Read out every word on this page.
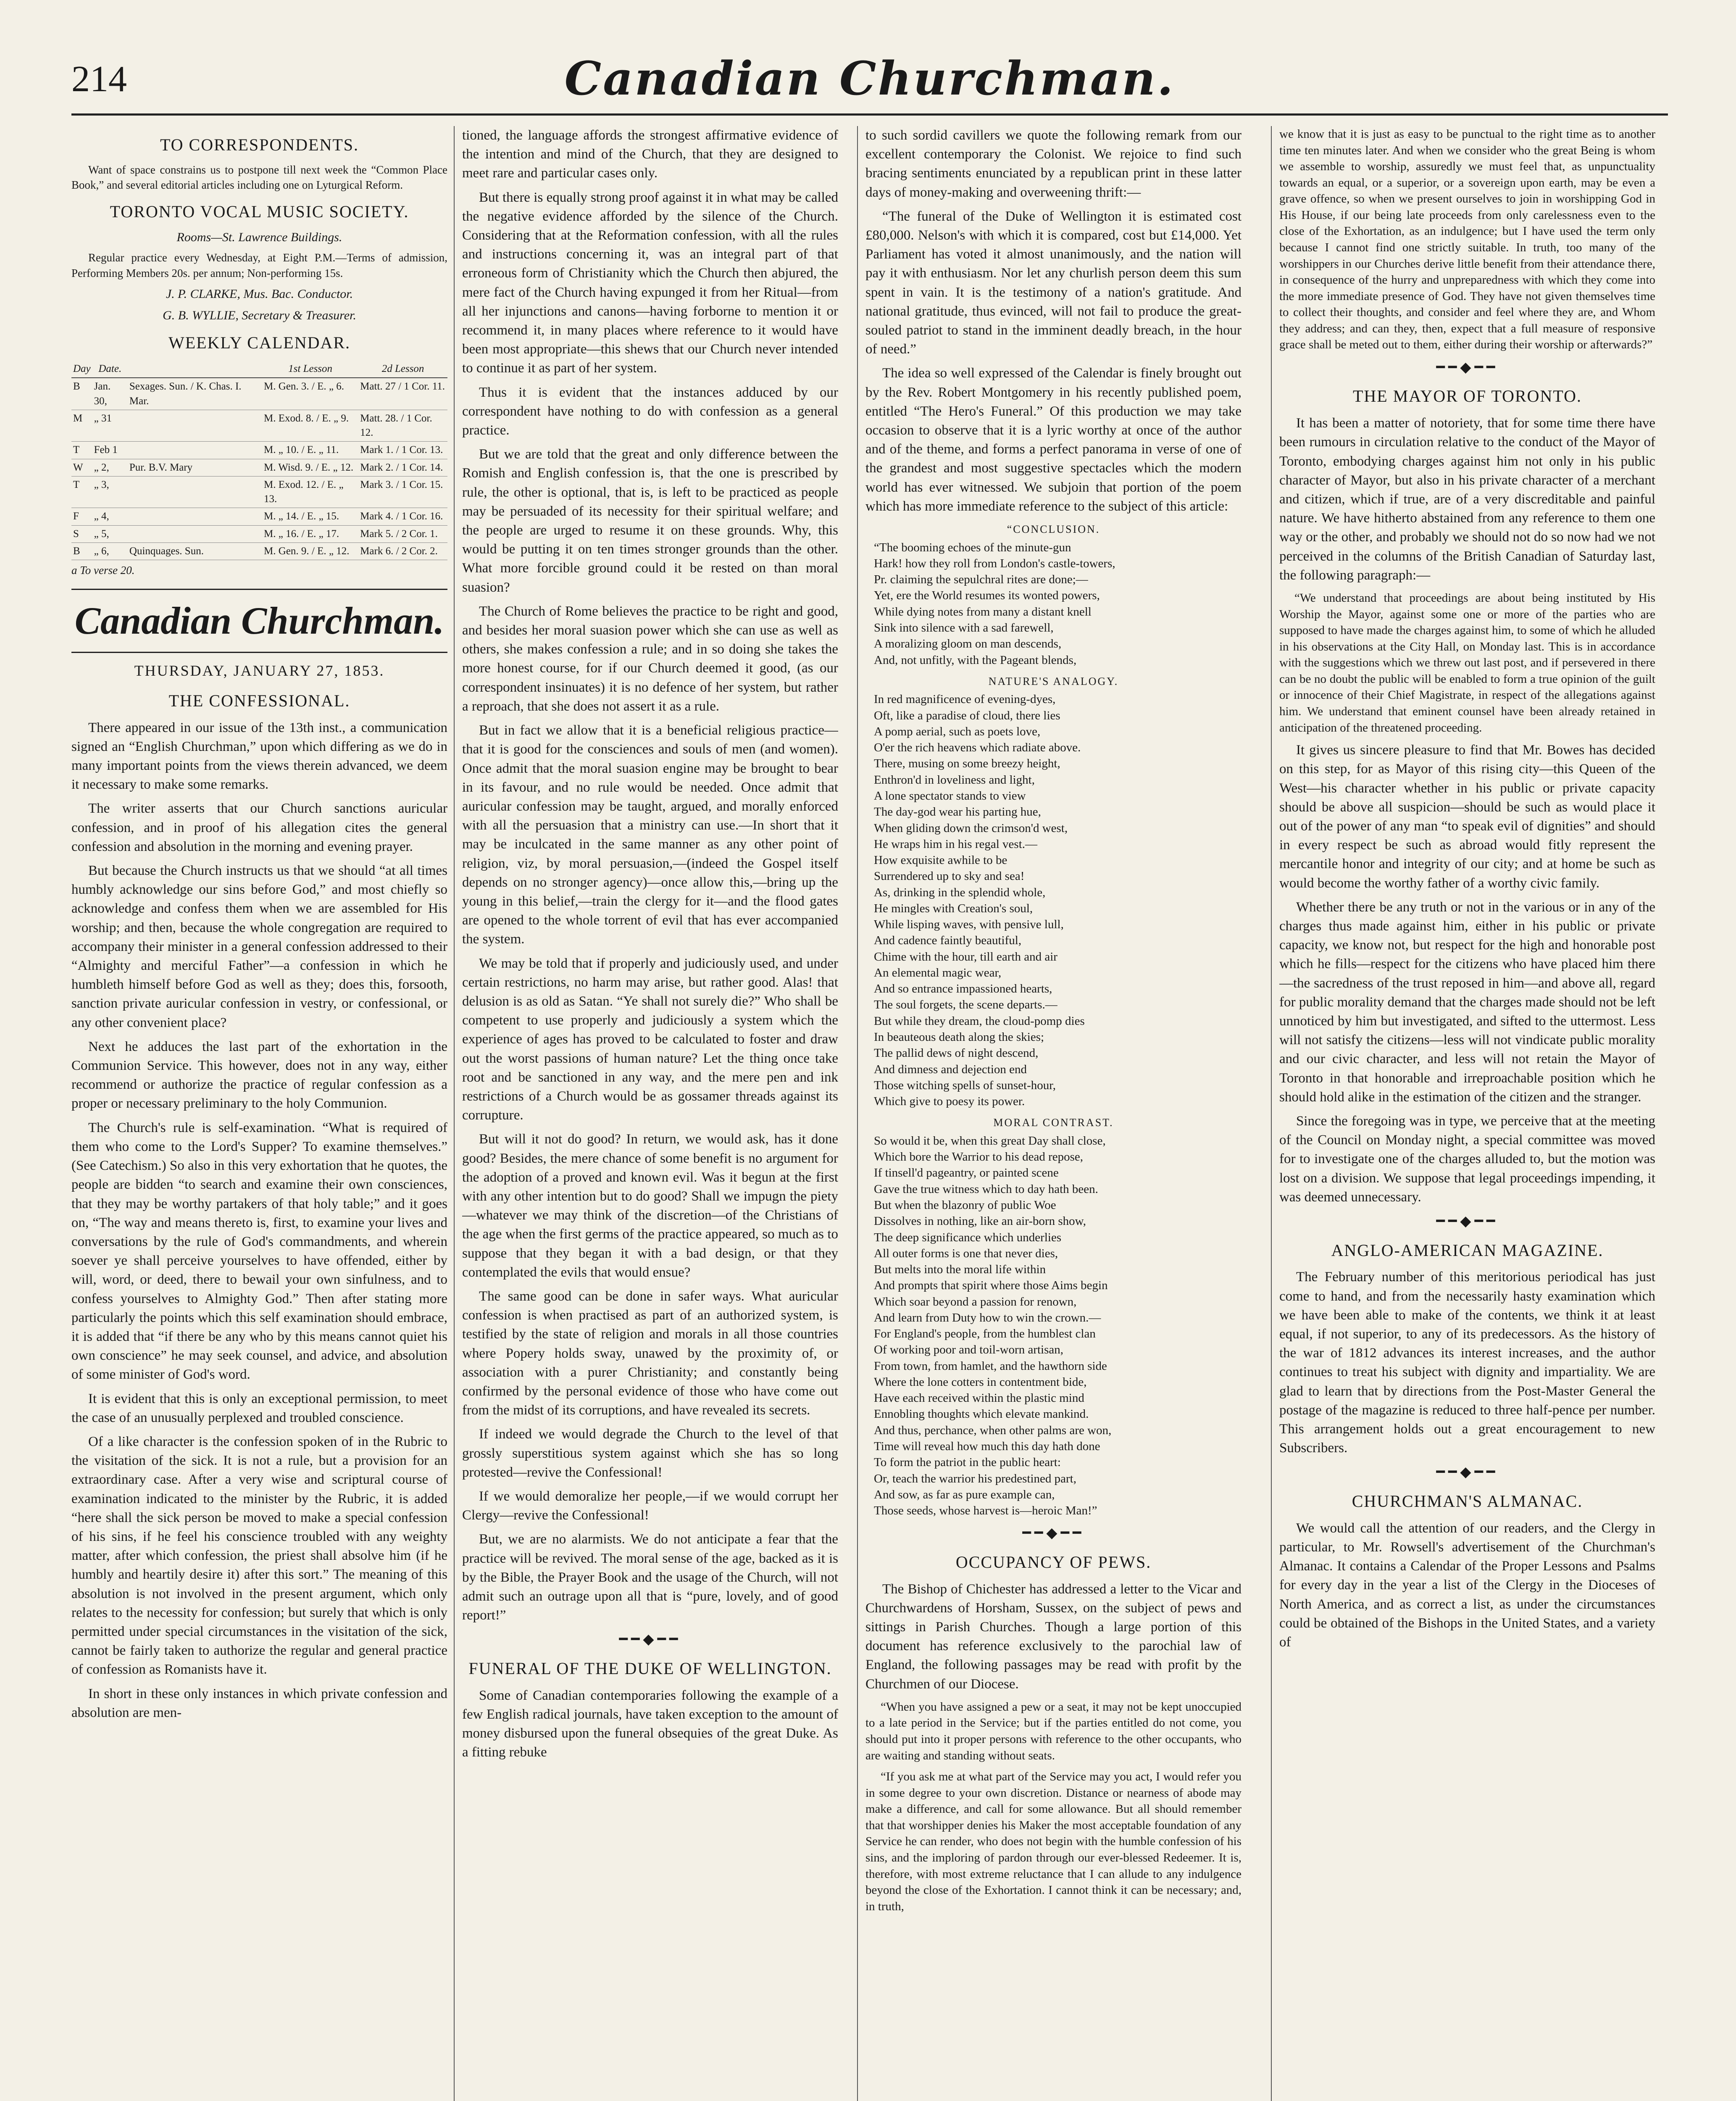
214	Canadian Churchman.
TO CORRESPONDENTS.

Want of space constrains us to postpone till next week the “Common Place Book,” and several editorial articles including one on Lyturgical Reform.

TORONTO VOCAL MUSIC SOCIETY.
Rooms—St. Lawrence Buildings.

Regular practice every Wednesday, at Eight P.M.—Terms of admission, Performing Members 20s. per annum; Non-performing 15s.

J. P. CLARKE, Mus. Bac. Conductor.
G. B. WYLLIE, Secretary & Treasurer.
WEEKLY CALENDAR.
Day	Date.		1st Lesson	2d Lesson
B	Jan. 30,	Sexages. Sun. / K. Chas. I. Mar.	M. Gen. 3. / E. „ 6.	Matt. 27 / 1 Cor. 11.
M	„ 31		M. Exod. 8. / E. „ 9.	Matt. 28. / 1 Cor. 12.
T	Feb 1		M. „ 10. / E. „ 11.	Mark 1. / 1 Cor. 13.
W	„ 2,	Pur. B.V. Mary	M. Wisd. 9. / E. „ 12.	Mark 2. / 1 Cor. 14.
T	„ 3,		M. Exod. 12. / E. „ 13.	Mark 3. / 1 Cor. 15.
F	„ 4,		M. „ 14. / E. „ 15.	Mark 4. / 1 Cor. 16.
S	„ 5,		M. „ 16. / E. „ 17.	Mark 5. / 2 Cor. 1.
B	„ 6,	Quinquages. Sun.	M. Gen. 9. / E. „ 12.	Mark 6. / 2 Cor. 2.
a To verse 20.
Canadian Churchman.
THURSDAY, JANUARY 27, 1853.
THE CONFESSIONAL.

There appeared in our issue of the 13th inst., a communication signed an “English Churchman,” upon which differing as we do in many important points from the views therein advanced, we deem it necessary to make some remarks.

The writer asserts that our Church sanctions auricular confession, and in proof of his allegation cites the general confession and absolution in the morning and evening prayer.

But because the Church instructs us that we should “at all times humbly acknowledge our sins before God,” and most chiefly so acknowledge and confess them when we are assembled for His worship; and then, because the whole congregation are required to accompany their minister in a general confession addressed to their “Almighty and merciful Father”—a confession in which he humbleth himself before God as well as they; does this, forsooth, sanction private auricular confession in vestry, or confessional, or any other convenient place?

Next he adduces the last part of the exhortation in the Communion Service. This however, does not in any way, either recommend or authorize the practice of regular confession as a proper or necessary preliminary to the holy Communion.

The Church's rule is self-examination. “What is required of them who come to the Lord's Supper? To examine themselves.” (See Catechism.) So also in this very exhortation that he quotes, the people are bidden “to search and examine their own consciences, that they may be worthy partakers of that holy table;” and it goes on, “The way and means thereto is, first, to examine your lives and conversations by the rule of God's commandments, and wherein soever ye shall perceive yourselves to have offended, either by will, word, or deed, there to bewail your own sinfulness, and to confess yourselves to Almighty God.” Then after stating more particularly the points which this self examination should embrace, it is added that “if there be any who by this means cannot quiet his own conscience” he may seek counsel, and advice, and absolution of some minister of God's word.

It is evident that this is only an exceptional permission, to meet the case of an unusually perplexed and troubled conscience.

Of a like character is the confession spoken of in the Rubric to the visitation of the sick. It is not a rule, but a provision for an extraordinary case. After a very wise and scriptural course of examination indicated to the minister by the Rubric, it is added “here shall the sick person be moved to make a special confession of his sins, if he feel his conscience troubled with any weighty matter, after which confession, the priest shall absolve him (if he humbly and heartily desire it) after this sort.” The meaning of this absolution is not involved in the present argument, which only relates to the necessity for confession; but surely that which is only permitted under special circumstances in the visitation of the sick, cannot be fairly taken to authorize the regular and general practice of confession as Romanists have it.

In short in these only instances in which private confession and absolution are men-

tioned, the language affords the strongest affirmative evidence of the intention and mind of the Church, that they are designed to meet rare and particular cases only.

But there is equally strong proof against it in what may be called the negative evidence afforded by the silence of the Church. Considering that at the Reformation confession, with all the rules and instructions concerning it, was an integral part of that erroneous form of Christianity which the Church then abjured, the mere fact of the Church having expunged it from her Ritual—from all her injunctions and canons—having forborne to mention it or recommend it, in many places where reference to it would have been most appropriate—this shews that our Church never intended to continue it as part of her system.

Thus it is evident that the instances adduced by our correspondent have nothing to do with confession as a general practice.

But we are told that the great and only difference between the Romish and English confession is, that the one is prescribed by rule, the other is optional, that is, is left to be practiced as people may be persuaded of its necessity for their spiritual welfare; and the people are urged to resume it on these grounds. Why, this would be putting it on ten times stronger grounds than the other. What more forcible ground could it be rested on than moral suasion?

The Church of Rome believes the practice to be right and good, and besides her moral suasion power which she can use as well as others, she makes confession a rule; and in so doing she takes the more honest course, for if our Church deemed it good, (as our correspondent insinuates) it is no defence of her system, but rather a reproach, that she does not assert it as a rule.

But in fact we allow that it is a beneficial religious practice—that it is good for the consciences and souls of men (and women). Once admit that the moral suasion engine may be brought to bear in its favour, and no rule would be needed. Once admit that auricular confession may be taught, argued, and morally enforced with all the persuasion that a ministry can use.—In short that it may be inculcated in the same manner as any other point of religion, viz, by moral persuasion,—(indeed the Gospel itself depends on no stronger agency)—once allow this,—bring up the young in this belief,—train the clergy for it—and the flood gates are opened to the whole torrent of evil that has ever accompanied the system.

We may be told that if properly and judiciously used, and under certain restrictions, no harm may arise, but rather good. Alas! that delusion is as old as Satan. “Ye shall not surely die?” Who shall be competent to use properly and judiciously a system which the experience of ages has proved to be calculated to foster and draw out the worst passions of human nature? Let the thing once take root and be sanctioned in any way, and the mere pen and ink restrictions of a Church would be as gossamer threads against its corrupture.

But will it not do good? In return, we would ask, has it done good? Besides, the mere chance of some benefit is no argument for the adoption of a proved and known evil. Was it begun at the first with any other intention but to do good? Shall we impugn the piety—whatever we may think of the discretion—of the Christians of the age when the first germs of the practice appeared, so much as to suppose that they began it with a bad design, or that they contemplated the evils that would ensue?

The same good can be done in safer ways. What auricular confession is when practised as part of an authorized system, is testified by the state of religion and morals in all those countries where Popery holds sway, unawed by the proximity of, or association with a purer Christianity; and constantly being confirmed by the personal evidence of those who have come out from the midst of its corruptions, and have revealed its secrets.

If indeed we would degrade the Church to the level of that grossly superstitious system against which she has so long protested—revive the Confessional!

If we would demoralize her people,—if we would corrupt her Clergy—revive the Confessional!

But, we are no alarmists. We do not anticipate a fear that the practice will be revived. The moral sense of the age, backed as it is by the Bible, the Prayer Book and the usage of the Church, will not admit such an outrage upon all that is “pure, lovely, and of good report!”

━━◆━━
FUNERAL OF THE DUKE OF WELLINGTON.

Some of Canadian contemporaries following the example of a few English radical journals, have taken exception to the amount of money disbursed upon the funeral obsequies of the great Duke. As a fitting rebuke

to such sordid cavillers we quote the following remark from our excellent contemporary the Colonist. We rejoice to find such bracing sentiments enunciated by a republican print in these latter days of money-making and overweening thrift:—

“The funeral of the Duke of Wellington it is estimated cost £80,000. Nelson's with which it is compared, cost but £14,000. Yet Parliament has voted it almost unanimously, and the nation will pay it with enthusiasm. Nor let any churlish person deem this sum spent in vain. It is the testimony of a nation's gratitude. And national gratitude, thus evinced, will not fail to produce the great-souled patriot to stand in the imminent deadly breach, in the hour of need.”

The idea so well expressed of the Calendar is finely brought out by the Rev. Robert Montgomery in his recently published poem, entitled “The Hero's Funeral.” Of this production we may take occasion to observe that it is a lyric worthy at once of the author and of the theme, and forms a perfect panorama in verse of one of the grandest and most suggestive spectacles which the modern world has ever witnessed. We subjoin that portion of the poem which has more immediate reference to the subject of this article:

“CONCLUSION.
“The booming echoes of the minute-gun
Hark! how they roll from London's castle-towers,
Pr. claiming the sepulchral rites are done;—
Yet, ere the World resumes its wonted powers,
While dying notes from many a distant knell
Sink into silence with a sad farewell,
A moralizing gloom on man descends,
And, not unfitly, with the Pageant blends,
NATURE'S ANALOGY.
In red magnificence of evening-dyes,
Oft, like a paradise of cloud, there lies
A pomp aerial, such as poets love,
O'er the rich heavens which radiate above.
There, musing on some breezy height,
Enthron'd in loveliness and light,
A lone spectator stands to view
The day-god wear his parting hue,
When gliding down the crimson'd west,
He wraps him in his regal vest.—
How exquisite awhile to be
Surrendered up to sky and sea!
As, drinking in the splendid whole,
He mingles with Creation's soul,
While lisping waves, with pensive lull,
And cadence faintly beautiful,
Chime with the hour, till earth and air
An elemental magic wear,
And so entrance impassioned hearts,
The soul forgets, the scene departs.—
But while they dream, the cloud-pomp dies
In beauteous death along the skies;
The pallid dews of night descend,
And dimness and dejection end
Those witching spells of sunset-hour,
Which give to poesy its power.
MORAL CONTRAST.
So would it be, when this great Day shall close,
Which bore the Warrior to his dead repose,
If tinsell'd pageantry, or painted scene
Gave the true witness which to day hath been.
But when the blazonry of public Woe
Dissolves in nothing, like an air-born show,
The deep significance which underlies
All outer forms is one that never dies,
But melts into the moral life within
And prompts that spirit where those Aims begin
Which soar beyond a passion for renown,
And learn from Duty how to win the crown.—
For England's people, from the humblest clan
Of working poor and toil-worn artisan,
From town, from hamlet, and the hawthorn side
Where the lone cotters in contentment bide,
Have each received within the plastic mind
Ennobling thoughts which elevate mankind.
And thus, perchance, when other palms are won,
Time will reveal how much this day hath done
To form the patriot in the public heart:
Or, teach the warrior his predestined part,
And sow, as far as pure example can,
Those seeds, whose harvest is—heroic Man!”
━━◆━━
OCCUPANCY OF PEWS.

The Bishop of Chichester has addressed a letter to the Vicar and Churchwardens of Horsham, Sussex, on the subject of pews and sittings in Parish Churches. Though a large portion of this document has reference exclusively to the parochial law of England, the following passages may be read with profit by the Churchmen of our Diocese.

“When you have assigned a pew or a seat, it may not be kept unoccupied to a late period in the Service; but if the parties entitled do not come, you should put into it proper persons with reference to the other occupants, who are waiting and standing without seats.

“If you ask me at what part of the Service may you act, I would refer you in some degree to your own discretion. Distance or nearness of abode may make a difference, and call for some allowance. But all should remember that that worshipper denies his Maker the most acceptable foundation of any Service he can render, who does not begin with the humble confession of his sins, and the imploring of pardon through our ever-blessed Redeemer. It is, therefore, with most extreme reluctance that I can allude to any indulgence beyond the close of the Exhortation. I cannot think it can be necessary; and, in truth,

we know that it is just as easy to be punctual to the right time as to another time ten minutes later. And when we consider who the great Being is whom we assemble to worship, assuredly we must feel that, as unpunctuality towards an equal, or a superior, or a sovereign upon earth, may be even a grave offence, so when we present ourselves to join in worshipping God in His House, if our being late proceeds from only carelessness even to the close of the Exhortation, as an indulgence; but I have used the term only because I cannot find one strictly suitable. In truth, too many of the worshippers in our Churches derive little benefit from their attendance there, in consequence of the hurry and unpreparedness with which they come into the more immediate presence of God. They have not given themselves time to collect their thoughts, and consider and feel where they are, and Whom they address; and can they, then, expect that a full measure of responsive grace shall be meted out to them, either during their worship or afterwards?”

━━◆━━
THE MAYOR OF TORONTO.

It has been a matter of notoriety, that for some time there have been rumours in circulation relative to the conduct of the Mayor of Toronto, embodying charges against him not only in his public character of Mayor, but also in his private character of a merchant and citizen, which if true, are of a very discreditable and painful nature. We have hitherto abstained from any reference to them one way or the other, and probably we should not do so now had we not perceived in the columns of the British Canadian of Saturday last, the following paragraph:—

“We understand that proceedings are about being instituted by His Worship the Mayor, against some one or more of the parties who are supposed to have made the charges against him, to some of which he alluded in his observations at the City Hall, on Monday last. This is in accordance with the suggestions which we threw out last post, and if persevered in there can be no doubt the public will be enabled to form a true opinion of the guilt or innocence of their Chief Magistrate, in respect of the allegations against him. We understand that eminent counsel have been already retained in anticipation of the threatened proceeding.

It gives us sincere pleasure to find that Mr. Bowes has decided on this step, for as Mayor of this rising city—this Queen of the West—his character whether in his public or private capacity should be above all suspicion—should be such as would place it out of the power of any man “to speak evil of dignities” and should in every respect be such as abroad would fitly represent the mercantile honor and integrity of our city; and at home be such as would become the worthy father of a worthy civic family.

Whether there be any truth or not in the various or in any of the charges thus made against him, either in his public or private capacity, we know not, but respect for the high and honorable post which he fills—respect for the citizens who have placed him there—the sacredness of the trust reposed in him—and above all, regard for public morality demand that the charges made should not be left unnoticed by him but investigated, and sifted to the uttermost. Less will not satisfy the citizens—less will not vindicate public morality and our civic character, and less will not retain the Mayor of Toronto in that honorable and irreproachable position which he should hold alike in the estimation of the citizen and the stranger.

Since the foregoing was in type, we perceive that at the meeting of the Council on Monday night, a special committee was moved for to investigate one of the charges alluded to, but the motion was lost on a division. We suppose that legal proceedings impending, it was deemed unnecessary.

━━◆━━
ANGLO-AMERICAN MAGAZINE.

The February number of this meritorious periodical has just come to hand, and from the necessarily hasty examination which we have been able to make of the contents, we think it at least equal, if not superior, to any of its predecessors. As the history of the war of 1812 advances its interest increases, and the author continues to treat his subject with dignity and impartiality. We are glad to learn that by directions from the Post-Master General the postage of the magazine is reduced to three half-pence per number. This arrangement holds out a great encouragement to new Subscribers.

━━◆━━
CHURCHMAN'S ALMANAC.

We would call the attention of our readers, and the Clergy in particular, to Mr. Rowsell's advertisement of the Churchman's Almanac. It contains a Calendar of the Proper Lessons and Psalms for every day in the year a list of the Clergy in the Dioceses of North America, and as correct a list, as under the circumstances could be obtained of the Bishops in the United States, and a variety of
